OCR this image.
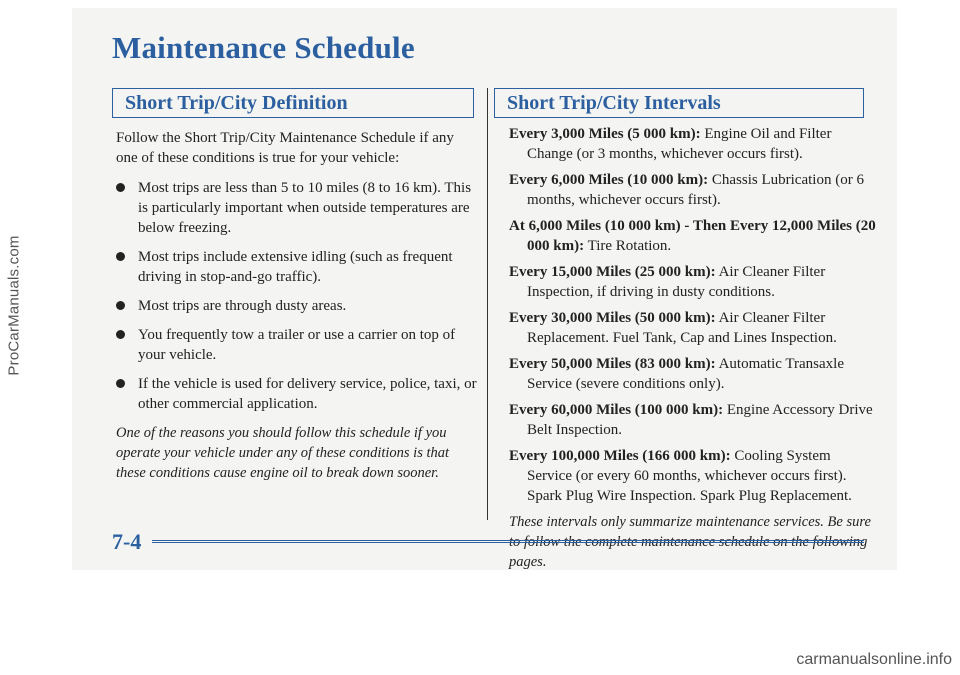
ProCarManuals.com
Maintenance Schedule
Short Trip/City Definition	Short Trip/City Intervals

Follow the Short Trip/City Maintenance Schedule if any one of these conditions is true for your vehicle:

Most trips are less than 5 to 10 miles (8 to 16 km). This is particularly important when outside temperatures are below freezing.
Most trips include extensive idling (such as frequent driving in stop-and-go traffic).
Most trips are through dusty areas.
You frequently tow a trailer or use a carrier on top of your vehicle.
If the vehicle is used for delivery service, police, taxi, or other commercial application.
One of the reasons you should follow this schedule if you operate your vehicle under any of these conditions is that these conditions cause engine oil to break down sooner.
Every 3,000 Miles (5 000 km): Engine Oil and Filter Change (or 3 months, whichever occurs first).
Every 6,000 Miles (10 000 km): Chassis Lubrication (or 6 months, whichever occurs first).
At 6,000 Miles (10 000 km) - Then Every 12,000 Miles (20 000 km): Tire Rotation.
Every 15,000 Miles (25 000 km): Air Cleaner Filter Inspection, if driving in dusty conditions.
Every 30,000 Miles (50 000 km): Air Cleaner Filter Replacement. Fuel Tank, Cap and Lines Inspection.
Every 50,000 Miles (83 000 km): Automatic Transaxle Service (severe conditions only).
Every 60,000 Miles (100 000 km): Engine Accessory Drive Belt Inspection.
Every 100,000 Miles (166 000 km): Cooling System Service (or every 60 months, whichever occurs first). Spark Plug Wire Inspection. Spark Plug Replacement.
These intervals only summarize maintenance services. Be sure to follow the complete maintenance schedule on the following pages.
7-4
carmanualsonline.info
